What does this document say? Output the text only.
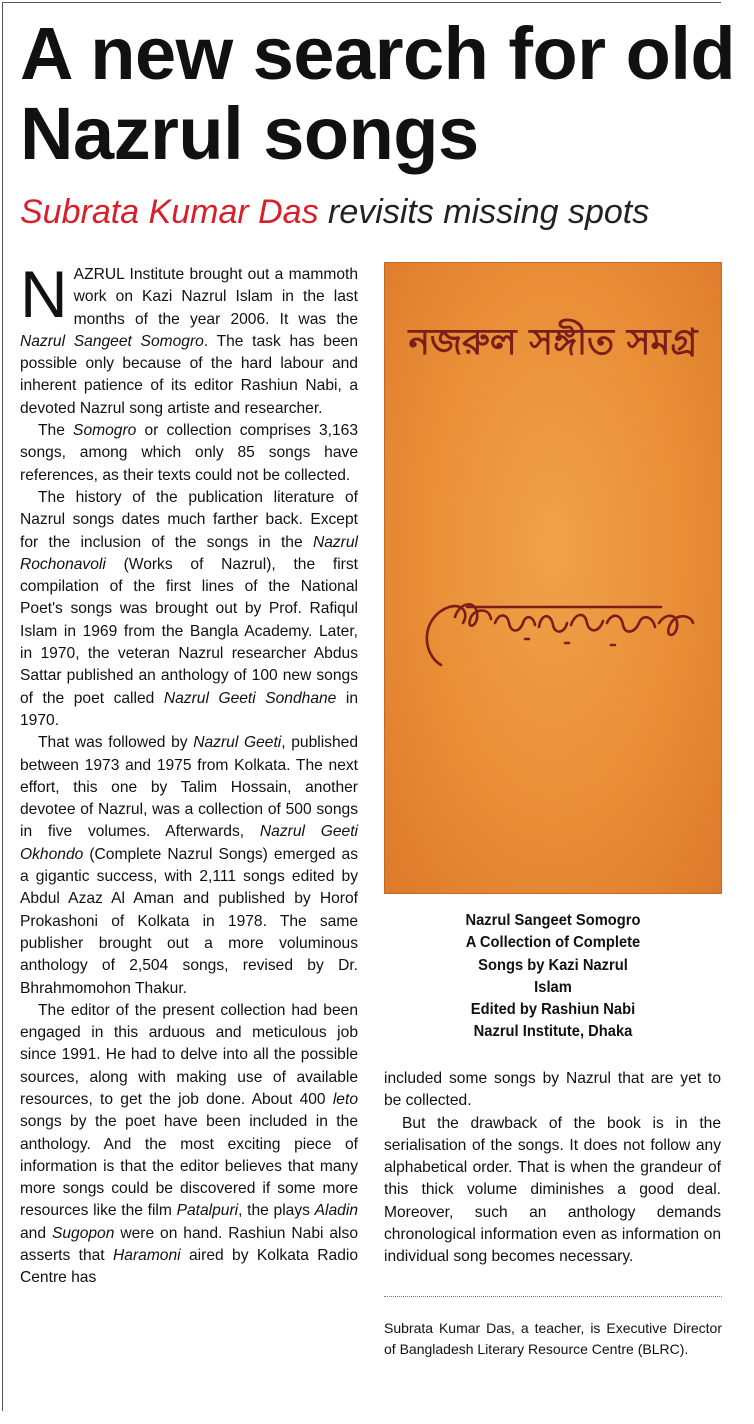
A new search for old Nazrul songs
Subrata Kumar Das revisits missing spots

NAZRUL Institute brought out a mammoth work on Kazi Nazrul Islam in the last months of the year 2006. It was the Nazrul Sangeet Somogro. The task has been possible only because of the hard labour and inherent patience of its editor Rashiun Nabi, a devoted Nazrul song artiste and researcher.

The Somogro or collection comprises 3,163 songs, among which only 85 songs have references, as their texts could not be collected.

The history of the publication literature of Nazrul songs dates much farther back. Except for the inclusion of the songs in the Nazrul Rochonavoli (Works of Nazrul), the first compilation of the first lines of the National Poet's songs was brought out by Prof. Rafiqul Islam in 1969 from the Bangla Academy. Later, in 1970, the veteran Nazrul researcher Abdus Sattar published an anthology of 100 new songs of the poet called Nazrul Geeti Sondhane in 1970.

That was followed by Nazrul Geeti, published between 1973 and 1975 from Kolkata. The next effort, this one by Talim Hossain, another devotee of Nazrul, was a collection of 500 songs in five volumes. Afterwards, Nazrul Geeti Okhondo (Complete Nazrul Songs) emerged as a gigantic success, with 2,111 songs edited by Abdul Azaz Al Aman and published by Horof Prokashoni of Kolkata in 1978. The same publisher brought out a more voluminous anthology of 2,504 songs, revised by Dr. Bhrahmomohon Thakur.

The editor of the present collection had been engaged in this arduous and meticulous job since 1991. He had to delve into all the possible sources, along with making use of available resources, to get the job done. About 400 leto songs by the poet have been included in the anthology. And the most exciting piece of information is that the editor believes that many more songs could be discovered if some more resources like the film Patalpuri, the plays Aladin and Sugopon were on hand. Rashiun Nabi also asserts that Haramoni aired by Kolkata Radio Centre has

নজরুল সঙ্গীত সমগ্র
Nazrul Sangeet Somogro
A Collection of Complete
Songs by Kazi Nazrul
Islam
Edited by Rashiun Nabi
Nazrul Institute, Dhaka

included some songs by Nazrul that are yet to be collected.

But the drawback of the book is in the serialisation of the songs. It does not follow any alphabetical order. That is when the grandeur of this thick volume diminishes a good deal. Moreover, such an anthology demands chronological information even as information on individual song becomes necessary.

Subrata Kumar Das, a teacher, is Executive Director of Bangladesh Literary Resource Centre (BLRC).
